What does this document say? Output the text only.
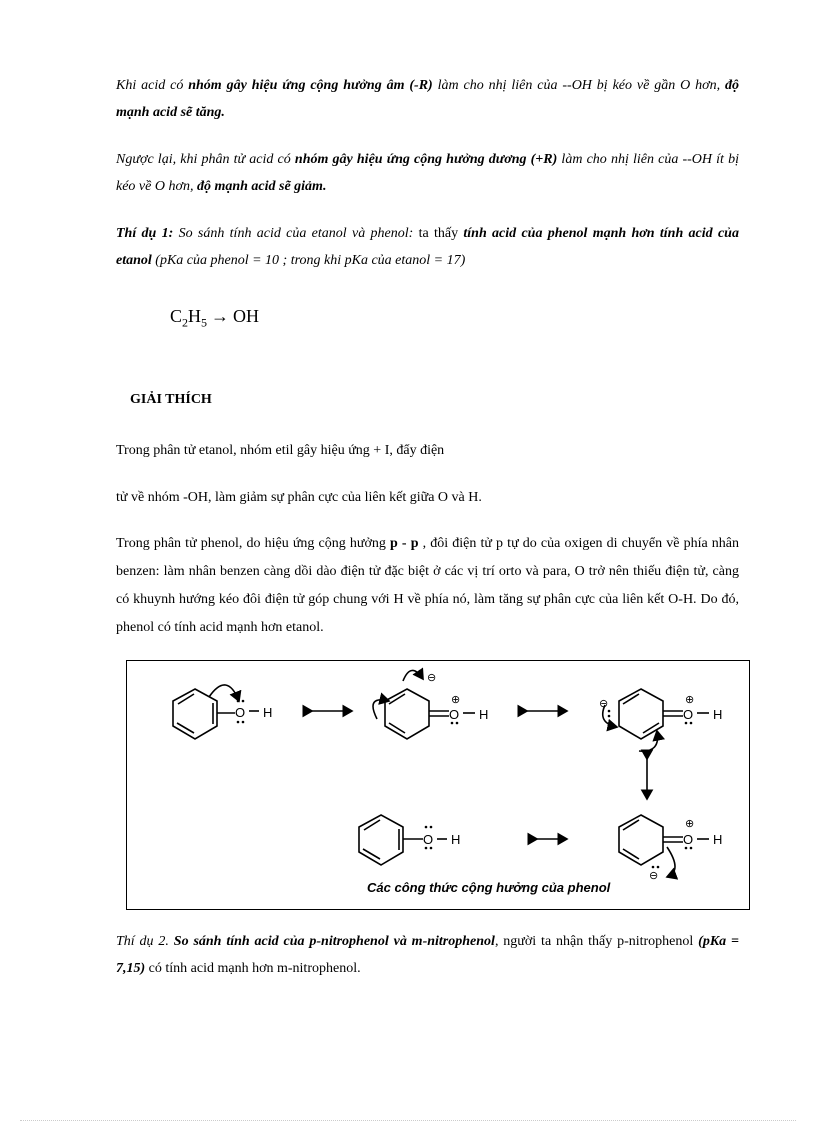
Khi acid có nhóm gây hiệu ứng cộng hưởng âm (-R) làm cho nhị liên của --OH bị kéo về gần O hơn, độ mạnh acid sẽ tăng.
Ngược lại, khi phân tử acid có nhóm gây hiệu ứng cộng hưởng dương (+R) làm cho nhị liên của --OH ít bị kéo về O hơn, độ mạnh acid sẽ giảm.
Thí dụ 1: So sánh tính acid của etanol và phenol: ta thấy tính acid của phenol mạnh hơn tính acid của etanol (pKa của phenol = 10 ; trong khi pKa của etanol = 17)
$C_2H_5$ → OH
GIẢI THÍCH
Trong phân tử etanol, nhóm etil gây hiệu ứng + I, đẩy điện
tử về nhóm -OH, làm giảm sự phân cực của liên kết giữa O và H.
Trong phân tử phenol, do hiệu ứng cộng hưởng p - p , đôi điện tử p tự do của oxigen di chuyển về phía nhân benzen: làm nhân benzen càng dồi dào điện tử đặc biệt ở các vị trí orto và para, O trở nên thiếu điện tử, càng có khuynh hướng kéo đôi điện tử góp chung với H về phía nó, làm tăng sự phân cực của liên kết O-H. Do đó, phenol có tính acid mạnh hơn etanol.
O H	O H
⊕
⊖
O H
⊕
⊖
O H	O H
⊕
⊖
Các công thức cộng hưởng của phenol
Thí dụ 2. So sánh tính acid của p-nitrophenol và m-nitrophenol, người ta nhận thấy p-nitrophenol (pKa = 7,15) có tính acid mạnh hơn m-nitrophenol.
